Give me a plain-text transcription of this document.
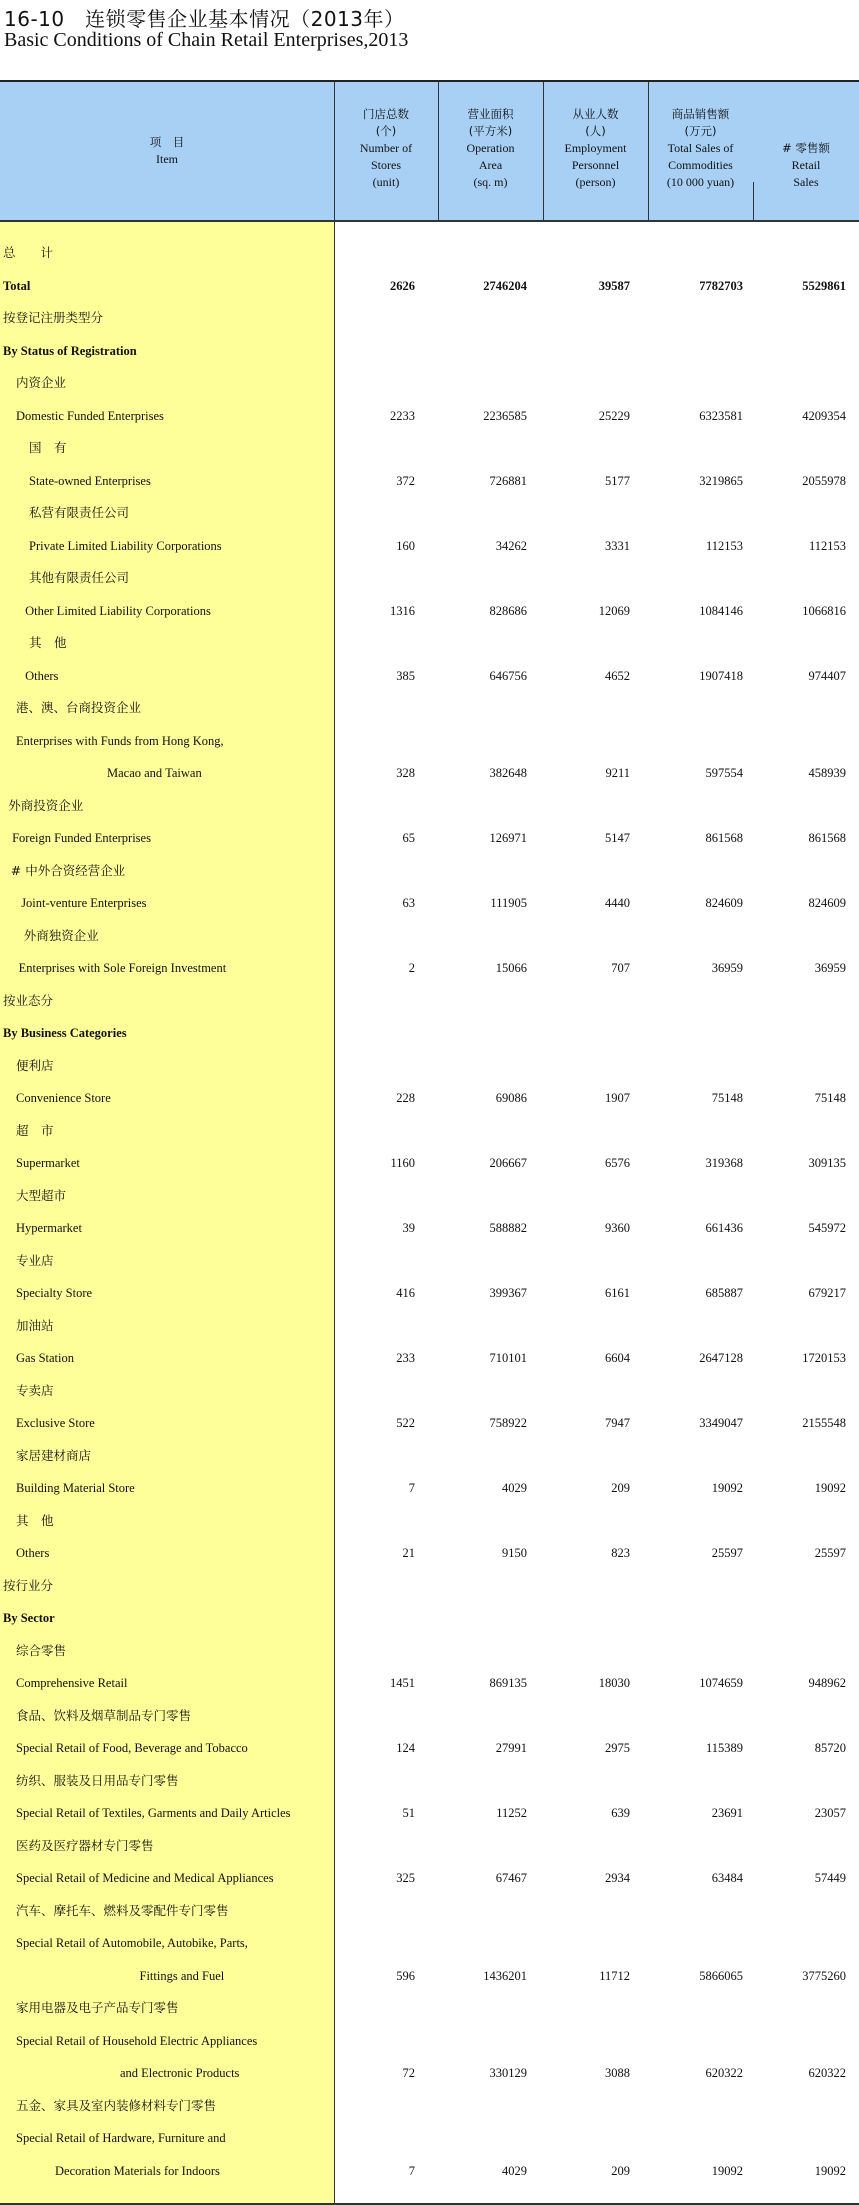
16-10　连锁零售企业基本情况（2013年）
Basic Conditions of Chain Retail Enterprises,2013
项　目
Item
门店总数
(个)
Number of
Stores
(unit)
营业面积
(平方米)
Operation
Area
(sq. m)
从业人数
(人)
Employment
Personnel
(person)
商品销售额
(万元)
Total Sales of
Commodities
(10 000 yuan)
# 零售额
Retail
Sales
总　　计
Total	2626	2746204	39587	7782703	5529861
按登记注册类型分
By Status of Registration
内资企业
Domestic Funded Enterprises	2233	2236585	25229	6323581	4209354
国　有
State-owned Enterprises	372	726881	5177	3219865	2055978
私营有限责任公司
Private Limited Liability Corporations	160	34262	3331	112153	112153
其他有限责任公司
Other Limited Liability Corporations	1316	828686	12069	1084146	1066816
其　他
Others	385	646756	4652	1907418	974407
港、澳、台商投资企业
Enterprises with Funds from Hong Kong,
Macao and Taiwan	328	382648	9211	597554	458939
外商投资企业
Foreign Funded Enterprises	65	126971	5147	861568	861568
# 中外合资经营企业
Joint-venture Enterprises	63	111905	4440	824609	824609
外商独资企业
Enterprises with Sole Foreign Investment	2	15066	707	36959	36959
按业态分
By Business Categories
便利店
Convenience Store	228	69086	1907	75148	75148
超　市
Supermarket	1160	206667	6576	319368	309135
大型超市
Hypermarket	39	588882	9360	661436	545972
专业店
Specialty Store	416	399367	6161	685887	679217
加油站
Gas Station	233	710101	6604	2647128	1720153
专卖店
Exclusive Store	522	758922	7947	3349047	2155548
家居建材商店
Building Material Store	7	4029	209	19092	19092
其　他
Others	21	9150	823	25597	25597
按行业分
By Sector
综合零售
Comprehensive Retail	1451	869135	18030	1074659	948962
食品、饮料及烟草制品专门零售
Special Retail of Food, Beverage and Tobacco	124	27991	2975	115389	85720
纺织、服装及日用品专门零售
Special Retail of Textiles, Garments and Daily Articles	51	11252	639	23691	23057
医药及医疗器材专门零售
Special Retail of Medicine and Medical Appliances	325	67467	2934	63484	57449
汽车、摩托车、燃料及零配件专门零售
Special Retail of Automobile, Autobike, Parts,
Fittings and Fuel	596	1436201	11712	5866065	3775260
家用电器及电子产品专门零售
Special Retail of Household Electric Appliances
and Electronic Products	72	330129	3088	620322	620322
五金、家具及室内装修材料专门零售
Special Retail of Hardware, Furniture and
Decoration Materials for Indoors	7	4029	209	19092	19092
